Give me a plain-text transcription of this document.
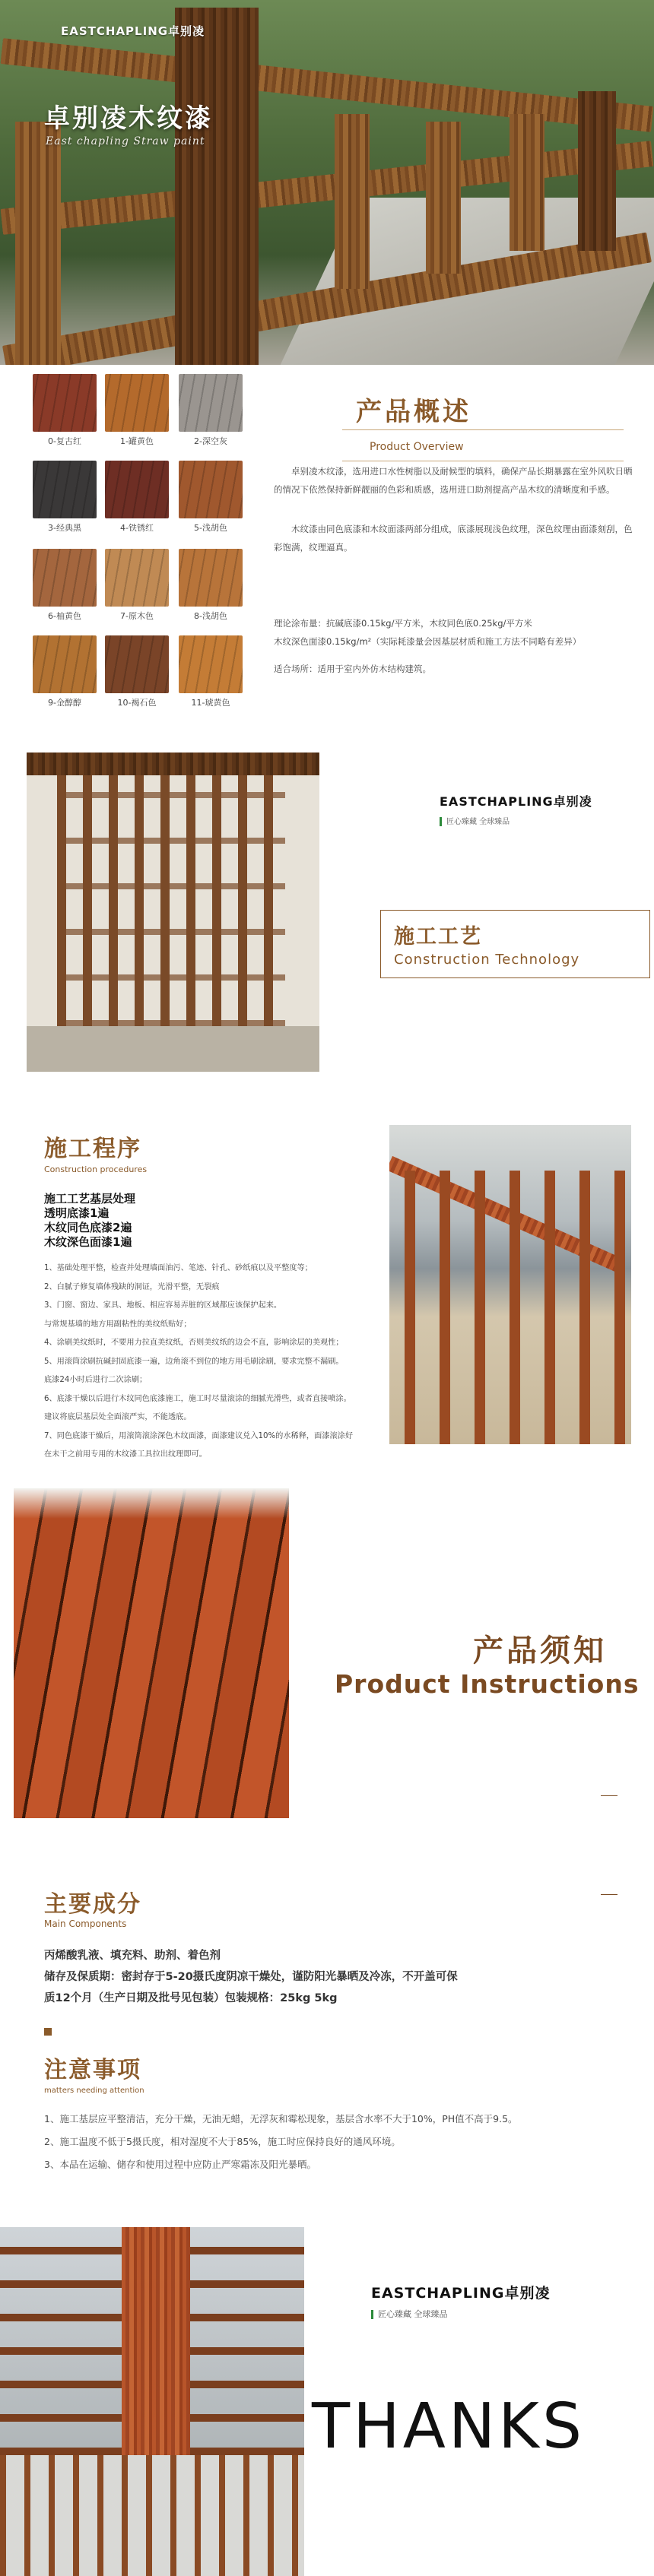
EASTCHAPLING卓别凌
卓别凌木纹漆
East chapling Straw paint
0-复古红	1-罐黄色	2-深空灰
3-经典黑	4-铁锈红	5-浅胡色
6-柚黄色	7-原木色	8-浅胡色
9-金醇醇	10-褐石色	11-琥黄色
产品概述
Product Overview
卓别凌木纹漆，选用进口水性树脂以及耐候型的填料，确保产品长期暴露在室外风吹日晒的情况下依然保持新鲜靓丽的色彩和质感，选用进口助剂提高产品木纹的清晰度和手感。
木纹漆由同色底漆和木纹面漆两部分组成，底漆展现浅色纹理，深色纹理由面漆刻刮，色彩饱满，纹理逼真。
理论涂布量：抗碱底漆0.15kg/平方米，木纹同色底0.25kg/平方米
木纹深色面漆0.15kg/m²（实际耗漆量会因基层材质和施工方法不同略有差异）
适合场所：适用于室内外仿木结构建筑。
EASTCHAPLING卓别凌
匠心臻藏 全球臻品
施工工艺
Construction Technology
施工程序
Construction procedures
施工工艺基层处理
透明底漆1遍
木纹同色底漆2遍
木纹深色面漆1遍
1、基础处理平整，检查并处理墙面油污、笔迹、针孔、砂纸痕以及平整度等；
2、白腻子修复墙体残缺的洞证，光滑平整，无裂痕
3、门窗、窗边、家具、地板、相应容易弄脏的区域都应该保护起来。
与常规基墙的地方用副粘性的美纹纸贴好；
4、涂刷美纹纸时，不要用力拉直美纹纸，否则美纹纸的边会不直，影响涂层的美观性；
5、用滚筒涂刷抗碱封固底漆一遍，边角滚不到位的地方用毛刷涂刷，要求完整不漏刷。
底漆24小时后进行二次涂刷；
6、底漆干燥以后进行木纹同色底漆施工，施工时尽量滚涂的细腻光滑些，或者直接喷涂。
建议将底层基层处全面滚严实，不能透底。
7、同色底漆干燥后，用滚筒滚涂深色木纹面漆，面漆建议兑入10%的水稀释，面漆滚涂好
在未干之前用专用的木纹漆工具拉出纹理即可。
产品须知
Product Instructions
主要成分
Main Components
丙烯酸乳液、填充料、助剂、着色剂
储存及保质期：密封存于5-20摄氏度阴凉干燥处，谨防阳光暴晒及冷冻，不开盖可保
质12个月（生产日期及批号见包装）包装规格：25kg 5kg
注意事项
matters needing attention
1、施工基层应平整清洁，充分干燥，无油无蜡，无浮灰和霉松现象，基层含水率不大于10%，PH值不高于9.5。
2、施工温度不低于5摄氏度，相对湿度不大于85%，施工时应保持良好的通风环境。
3、本品在运输、储存和使用过程中应防止严寒霜冻及阳光暴晒。
EASTCHAPLING卓别凌
匠心臻藏 全球臻品
THANKS
